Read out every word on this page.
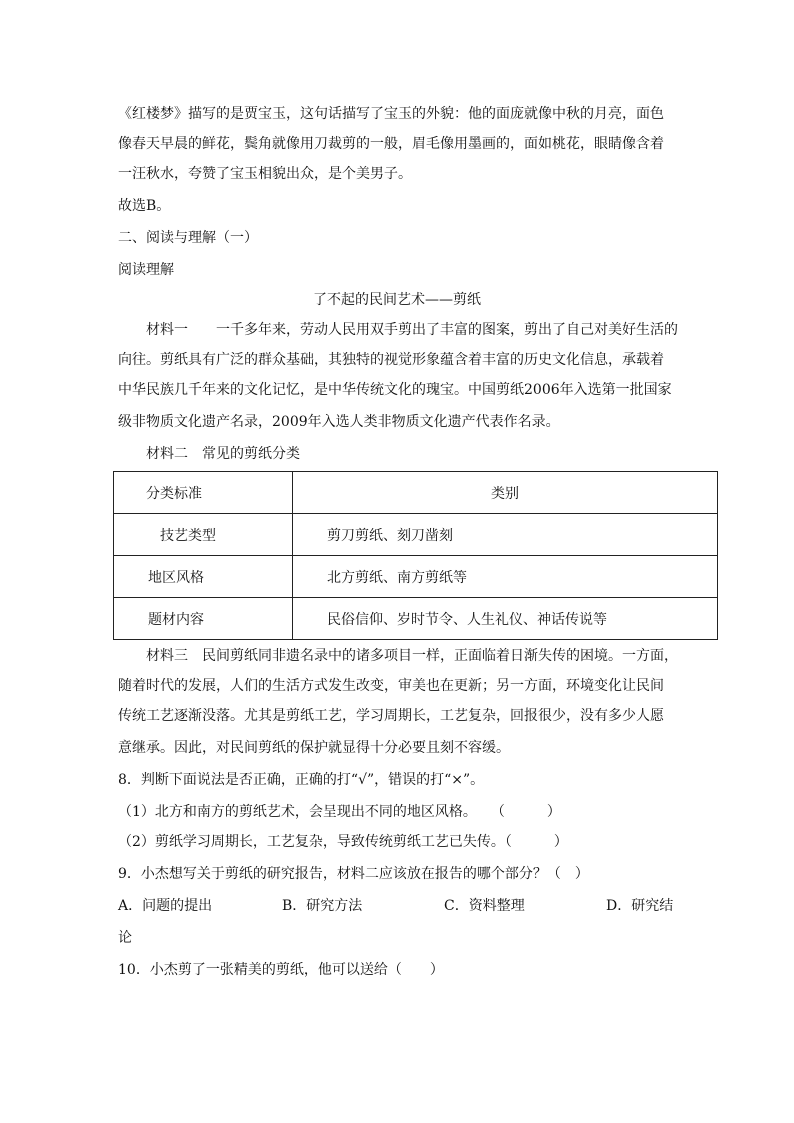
《红楼梦》描写的是贾宝玉，这句话描写了宝玉的外貌：他的面庞就像中秋的月亮，面色
像春天早晨的鲜花，鬓角就像用刀裁剪的一般，眉毛像用墨画的，面如桃花，眼睛像含着
一汪秋水，夸赞了宝玉相貌出众，是个美男子。
故选B。
二、阅读与理解（一）
阅读理解
了不起的民间艺术——剪纸
材料一　　一千多年来，劳动人民用双手剪出了丰富的图案，剪出了自己对美好生活的
向往。剪纸具有广泛的群众基础，其独特的视觉形象蕴含着丰富的历史文化信息，承载着
中华民族几千年来的文化记忆，是中华传统文化的瑰宝。中国剪纸2006年入选第一批国家
级非物质文化遗产名录，2009年入选人类非物质文化遗产代表作名录。
材料二　常见的剪纸分类
分类标准	类别
技艺类型	剪刀剪纸、刻刀凿刻
地区风格	北方剪纸、南方剪纸等
题材内容	民俗信仰、岁时节令、人生礼仪、神话传说等
材料三　民间剪纸同非遗名录中的诸多项目一样，正面临着日渐失传的困境。一方面，
随着时代的发展，人们的生活方式发生改变，审美也在更新；另一方面，环境变化让民间
传统工艺逐渐没落。尤其是剪纸工艺，学习周期长，工艺复杂，回报很少，没有多少人愿
意继承。因此，对民间剪纸的保护就显得十分必要且刻不容缓。
8．判断下面说法是否正确，正确的打“√”，错误的打“×”。
（1）北方和南方的剪纸艺术，会呈现出不同的地区风格。　　（　　　）
（2）剪纸学习周期长，工艺复杂，导致传统剪纸工艺已失传。（　　　）
9．小杰想写关于剪纸的研究报告，材料二应该放在报告的哪个部分？（　）
A．问题的提出	B．研究方法	C．资料整理	D．研究结
论
10．小杰剪了一张精美的剪纸，他可以送给（　　）
